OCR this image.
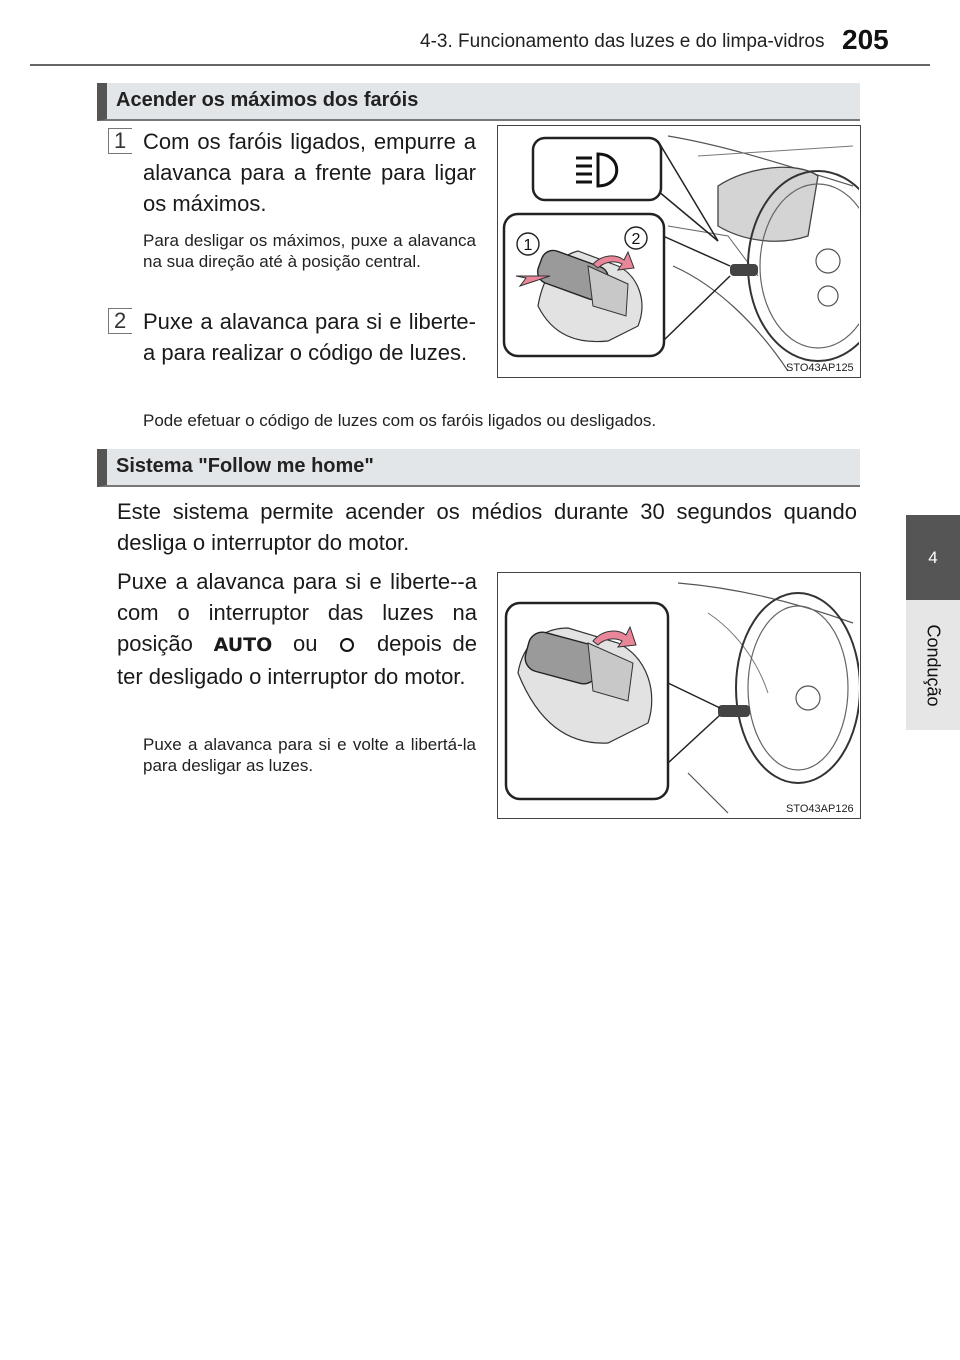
4-3. Funcionamento das luzes e do limpa-vidros 205
4
Condução
Acender os máximos dos faróis
1 Com os faróis ligados, empurre a alavanca para a frente para ligar os máximos.
Para desligar os máximos, puxe a alavanca na sua direção até à posição central.
2 Puxe a alavanca para si e liberte-a para realizar o código de luzes.
Pode efetuar o código de luzes com os faróis ligados ou desligados.
1	2
STO43AP125
Sistema "Follow me home"
Este sistema permite acender os médios durante 30 segundos quando desliga o interruptor do motor.
Puxe a alavanca para si e liberte--a com o interruptor das luzes na posição AUTO ou	depois de ter desligado o interruptor do motor.
Puxe a alavanca para si e volte a libertá-la para desligar as luzes.
STO43AP126
